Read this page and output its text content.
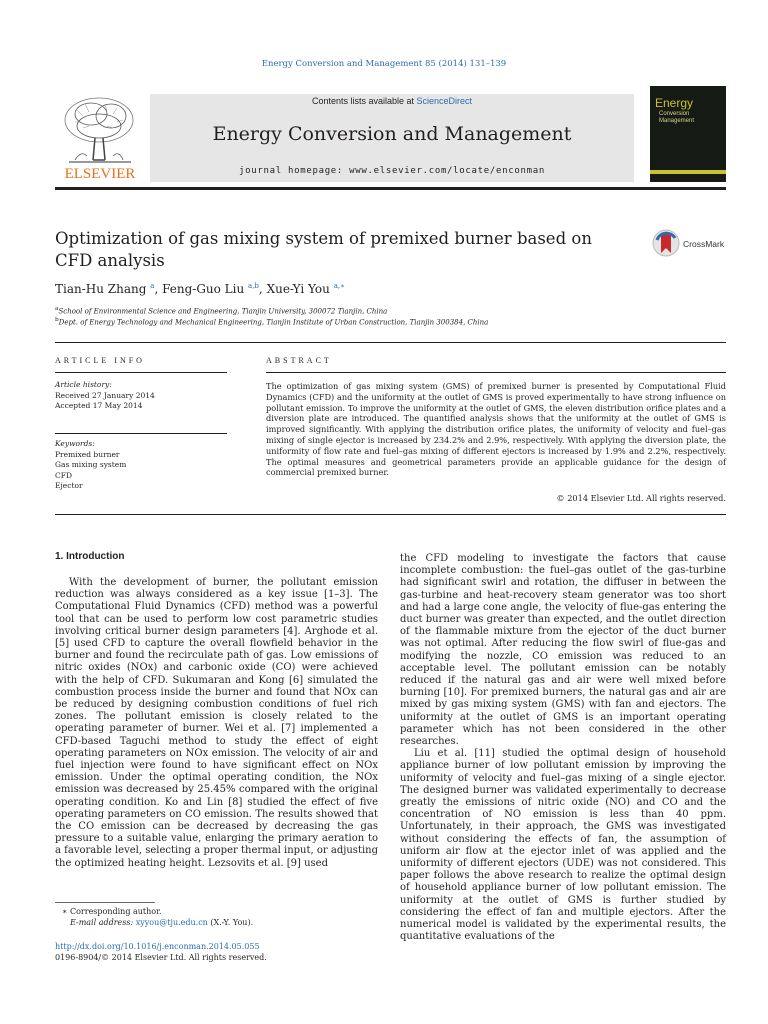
Energy Conversion and Management 85 (2014) 131–139
ELSEVIER
Contents lists available at ScienceDirect
Energy Conversion and Management
journal homepage: www.elsevier.com/locate/enconman
Energy
Conversion
Management
Optimization of gas mixing system of premixed burner based on CFD analysis
CrossMark
Tian-Hu Zhang $^a$, Feng-Guo Liu $^{a,b}$, Xue-Yi You $^{a,∗}$
$^a$School of Environmental Science and Engineering, Tianjin University, 300072 Tianjin, China
$^b$Dept. of Energy Technology and Mechanical Engineering, Tianjin Institute of Urban Construction, Tianjin 300384, China
ARTICLE INFO
Article history:
Received 27 January 2014
Accepted 17 May 2014
Keywords:
Premixed burner
Gas mixing system
CFD
Ejector
ABSTRACT
The optimization of gas mixing system (GMS) of premixed burner is presented by Computational Fluid Dynamics (CFD) and the uniformity at the outlet of GMS is proved experimentally to have strong influence on pollutant emission. To improve the uniformity at the outlet of GMS, the eleven distribution orifice plates and a diversion plate are introduced. The quantified analysis shows that the uniformity at the outlet of GMS is improved significantly. With applying the distribution orifice plates, the uniformity of velocity and fuel–gas mixing of single ejector is increased by 234.2% and 2.9%, respectively. With applying the diversion plate, the uniformity of flow rate and fuel–gas mixing of different ejectors is increased by 1.9% and 2.2%, respectively. The optimal measures and geometrical parameters provide an applicable guidance for the design of commercial premixed burner.
© 2014 Elsevier Ltd. All rights reserved.
1. Introduction

With the development of burner, the pollutant emission reduction was always considered as a key issue [1–3]. The Computational Fluid Dynamics (CFD) method was a powerful tool that can be used to perform low cost parametric studies involving critical burner design parameters [4]. Arghode et al. [5] used CFD to capture the overall flowfield behavior in the burner and found the recirculate path of gas. Low emissions of nitric oxides (NOx) and carbonic oxide (CO) were achieved with the help of CFD. Sukumaran and Kong [6] simulated the combustion process inside the burner and found that NOx can be reduced by designing combustion conditions of fuel rich zones. The pollutant emission is closely related to the operating parameter of burner. Wei et al. [7] implemented a CFD-based Taguchi method to study the effect of eight operating parameters on NOx emission. The velocity of air and fuel injection were found to have significant effect on NOx emission. Under the optimal operating condition, the NOx emission was decreased by 25.45% compared with the original operating condition. Ko and Lin [8] studied the effect of five operating parameters on CO emission. The results showed that the CO emission can be decreased by decreasing the gas pressure to a suitable value, enlarging the primary aeration to a favorable level, selecting a proper thermal input, or adjusting the optimized heating height. Lezsovits et al. [9] used

the CFD modeling to investigate the factors that cause incomplete combustion: the fuel–gas outlet of the gas-turbine had significant swirl and rotation, the diffuser in between the gas-turbine and heat-recovery steam generator was too short and had a large cone angle, the velocity of flue-gas entering the duct burner was greater than expected, and the outlet direction of the flammable mixture from the ejector of the duct burner was not optimal. After reducing the flow swirl of flue-gas and modifying the nozzle, CO emission was reduced to an acceptable level. The pollutant emission can be notably reduced if the natural gas and air were well mixed before burning [10]. For premixed burners, the natural gas and air are mixed by gas mixing system (GMS) with fan and ejectors. The uniformity at the outlet of GMS is an important operating parameter which has not been considered in the other researches.

Liu et al. [11] studied the optimal design of household appliance burner of low pollutant emission by improving the uniformity of velocity and fuel–gas mixing of a single ejector. The designed burner was validated experimentally to decrease greatly the emissions of nitric oxide (NO) and CO and the concentration of NO emission is less than 40 ppm. Unfortunately, in their approach, the GMS was investigated without considering the effects of fan, the assumption of uniform air flow at the ejector inlet of was applied and the uniformity of different ejectors (UDE) was not considered. This paper follows the above research to realize the optimal design of household appliance burner of low pollutant emission. The uniformity at the outlet of GMS is further studied by considering the effect of fan and multiple ejectors. After the numerical model is validated by the experimental results, the quantitative evaluations of the

∗ Corresponding author.
E-mail address: xyyou@tju.edu.cn (X.-Y. You).
http://dx.doi.org/10.1016/j.enconman.2014.05.055
0196-8904/© 2014 Elsevier Ltd. All rights reserved.
